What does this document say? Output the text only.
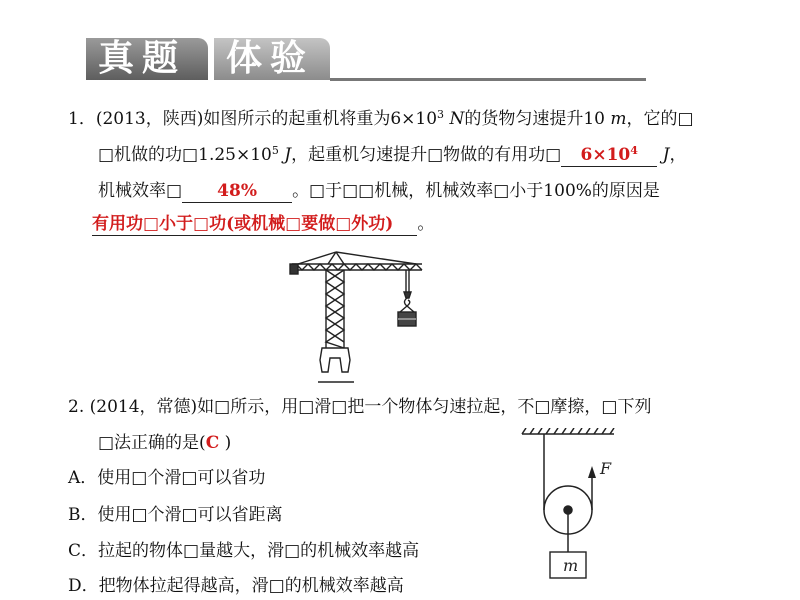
真题	体验
1．(2013，陕西)如图所示的起重机将重为$6\times 10^3$ N的货物匀速提升10 m，它的□
□机做的功$□1.25\times 10^5$ J，起重机匀速提升□物做的有用功□ $6\times 10^4$ J，
机械效率□ 48% 。□于□□机械，机械效率□小于100%的原因是
有用功□小于□功(或机械□要做□外功) 。
2. (2014，常德)如□所示，用□滑□把一个物体匀速拉起，不□摩擦，□下列
□法正确的是(C )
A．使用□个滑□可以省功
B．使用□个滑□可以省距离
C．拉起的物体□量越大，滑□的机械效率越高
D．把物体拉起得越高，滑□的机械效率越高
F
m
